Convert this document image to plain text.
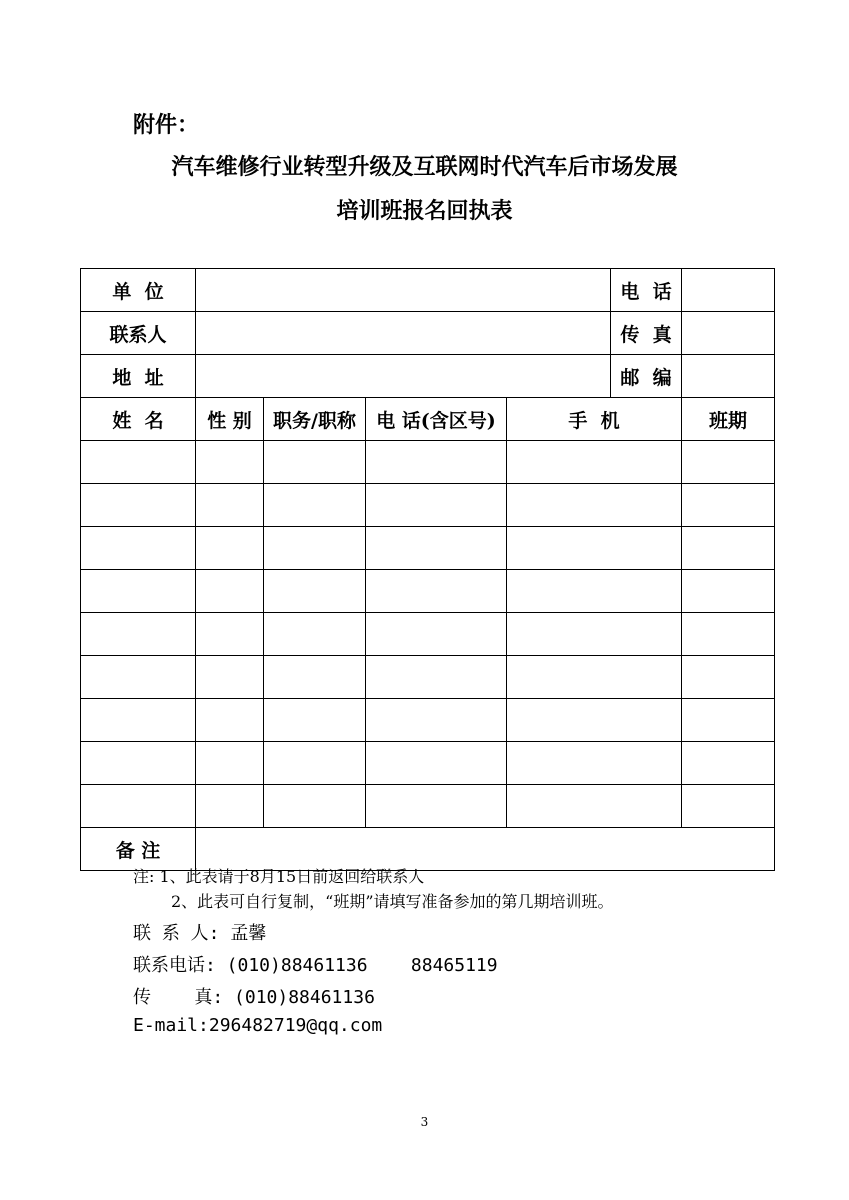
附件：
汽车维修行业转型升级及互联网时代汽车后市场发展
培训班报名回执表
单  位					电  话	
联系人					传  真	
地  址					邮  编	
姓  名	性 别	职务/职称	电 话(含区号)	手  机		班期

备 注						
注: 1、此表请于8月15日前返回给联系人
2、此表可自行复制，“班期”请填写准备参加的第几期培训班。
联 系 人: 孟馨
联系电话: (010)88461136    88465119
传    真: (010)88461136
E-mail:296482719@qq.com
3
